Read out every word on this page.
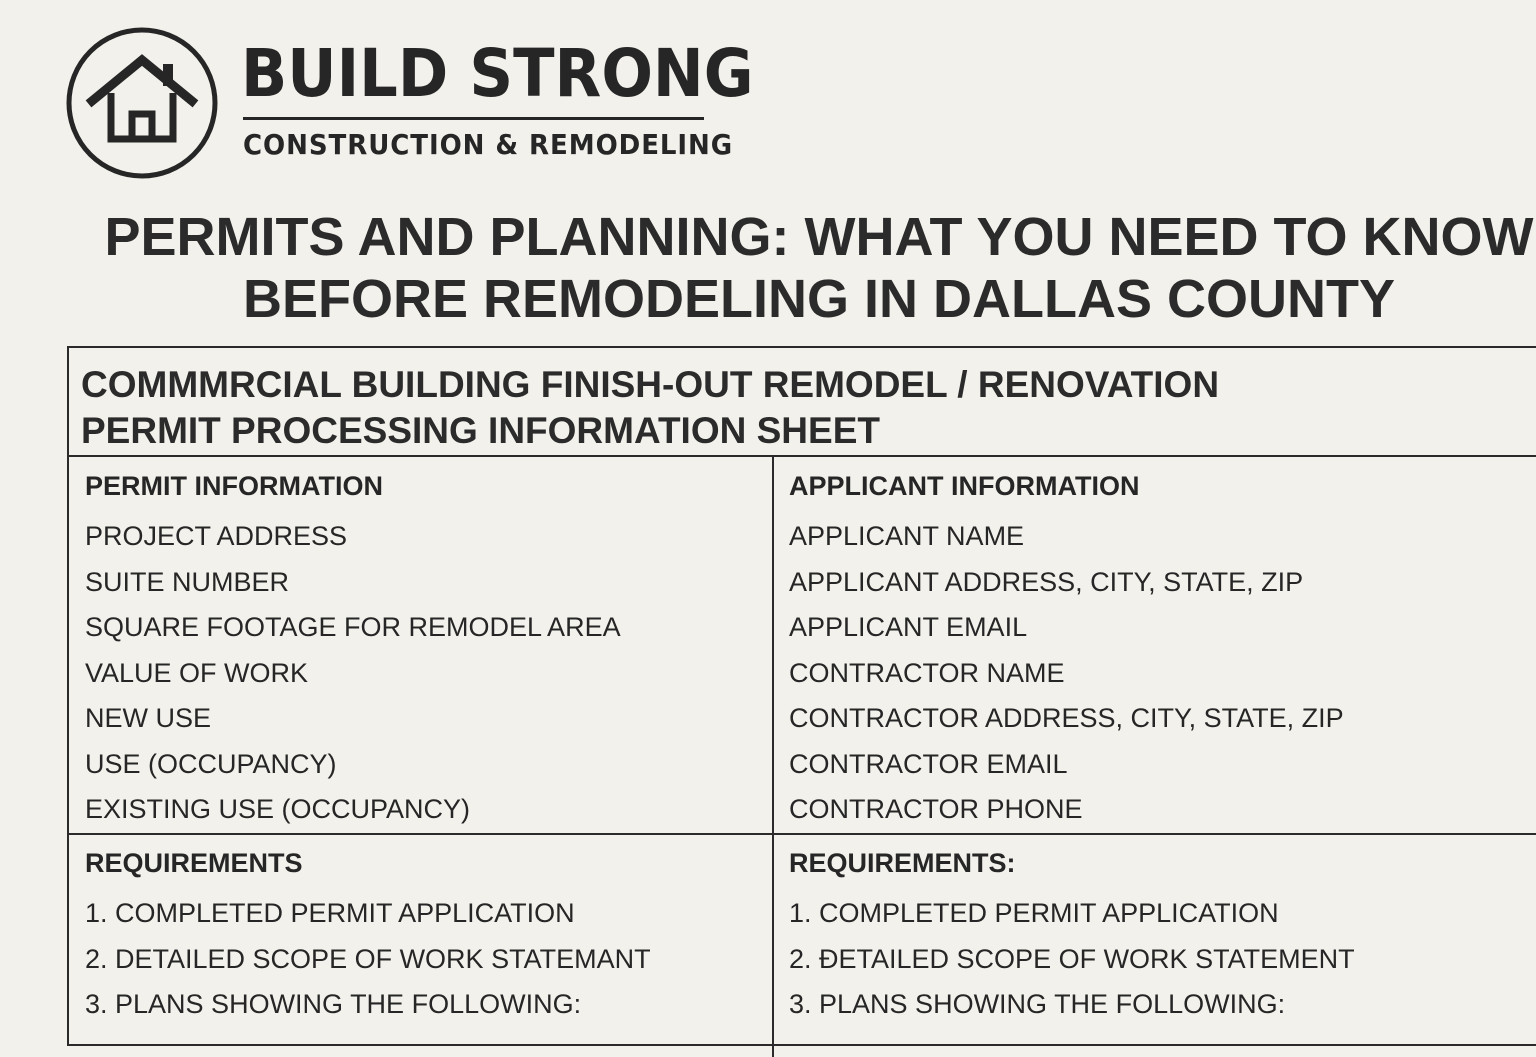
BUILD STRONG
CONSTRUCTION & REMODELING
PERMITS AND PLANNING: WHAT YOU NEED TO KNOW
BEFORE REMODELING IN DALLAS COUNTY
COMMMRCIAL BUILDING FINISH-OUT REMODEL / RENOVATION
PERMIT PROCESSING INFORMATION SHEET
PERMIT INFORMATION
PROJECT ADDRESS
SUITE NUMBER
SQUARE FOOTAGE FOR REMODEL AREA
VALUE OF WORK
NEW USE
USE (OCCUPANCY)
EXISTING USE (OCCUPANCY)
APPLICANT INFORMATION
APPLICANT NAME
APPLICANT ADDRESS, CITY, STATE, ZIP
APPLICANT EMAIL
CONTRACTOR NAME
CONTRACTOR ADDRESS, CITY, STATE, ZIP
CONTRACTOR EMAIL
CONTRACTOR PHONE
REQUIREMENTS
1. COMPLETED PERMIT APPLICATION
2. DETAILED SCOPE OF WORK STATEMANT
3. PLANS SHOWING THE FOLLOWING:
REQUIREMENTS:
1. COMPLETED PERMIT APPLICATION
2. ĐETAILED SCOPE OF WORK STATEMENT
3. PLANS SHOWING THE FOLLOWING:
